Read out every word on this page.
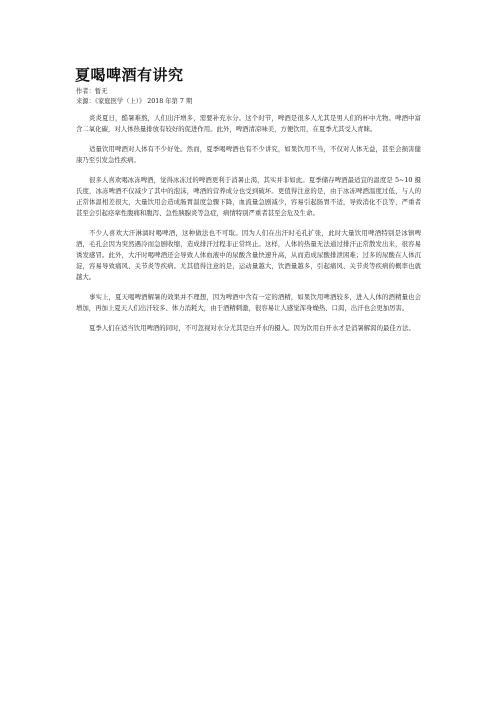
夏喝啤酒有讲究
作者：暂无
来源：《家庭医学（上）》 2018 年第 7 期

炎炎夏日，酷暑难熬，人们出汗增多，需要补充水分。这个时节，啤酒是很多人尤其是男人们的杯中尤物。啤酒中富含二氧化碳，对人体热量排放有较好的促进作用。此外，啤酒清凉味美，方便饮用，在夏季尤其受人青睐。

适量饮用啤酒对人体有不少好处。然而，夏季喝啤酒也有不少讲究，如果饮用不当，不仅对人体无益，甚至会损害健康乃至引发急性疾病。

很多人喜欢喝冰冻啤酒，觉得冰冻过的啤酒更利于消暑止渴，其实并非如此。夏季储存啤酒最适宜的温度是 5~10 摄氏度，冰冻啤酒不仅减少了其中的泡沫，啤酒的营养成分也受到破坏。更值得注意的是，由于冰冻啤酒温度过低，与人的正常体温相差很大，大量饮用会造成肠胃温度急骤下降，血流量急剧减少，容易引起肠胃不适，导致消化不良等，严重者甚至会引起痉挛性腹痛和腹泻、急性胰腺炎等急症，病情特别严重者甚至会危及生命。

不少人喜欢大汗淋漓时喝啤酒，这种做法也不可取。因为人们在出汗时毛孔扩张，此时大量饮用啤酒特别是冰镇啤酒，毛孔会因为突然遇冷而急剧收缩，造成排汗过程非正常终止。这样，人体的热量无法通过排汗正常散发出来，很容易诱发感冒。此外，大汗时喝啤酒还会导致人体血液中的尿酸含量快速升高，从而造成尿酸排泄困难；过多的尿酸在人体沉淀，容易导致痛风、关节炎等疾病。尤其值得注意的是，运动量越大，饮酒量越多，引起痛风、关节炎等疾病的概率也就越大。

事实上，夏天喝啤酒解暑的效果并不理想，因为啤酒中含有一定的酒精，如果饮用啤酒较多，进入人体的酒精量也会增加，再加上夏天人们出汗较多、体力消耗大，由于酒精刺激，很容易让人感觉浑身燥热、口渴，出汗也会更加厉害。

夏季人们在适当饮用啤酒的同时，不可忽视对水分尤其是白开水的摄入。因为饮用白开水才是消暑解渴的最佳方法。
